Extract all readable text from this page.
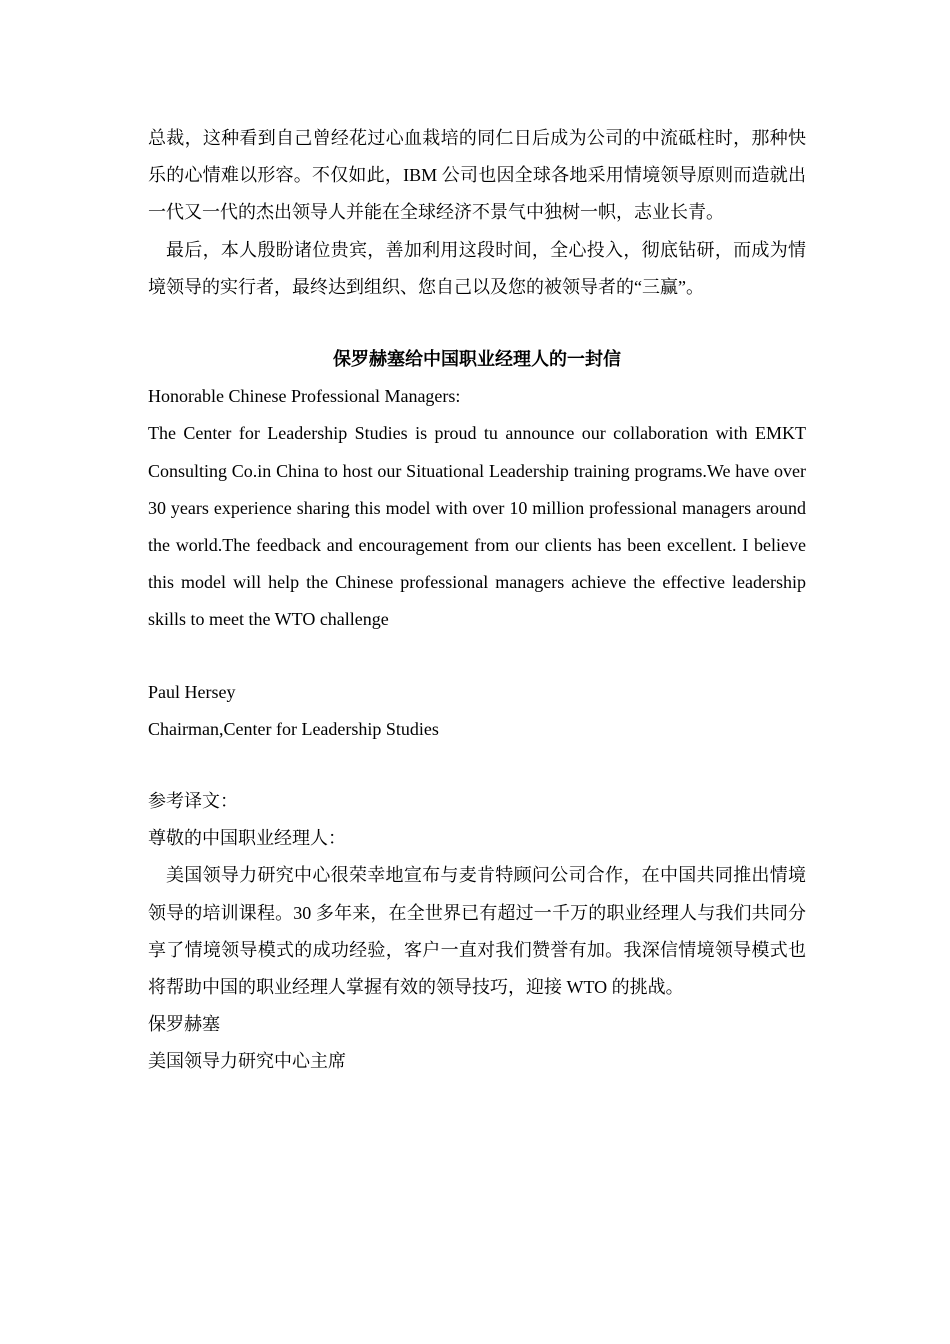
总裁，这种看到自己曾经花过心血栽培的同仁日后成为公司的中流砥柱时，那种快乐的心情难以形容。不仅如此，IBM 公司也因全球各地采用情境领导原则而造就出一代又一代的杰出领导人并能在全球经济不景气中独树一帜，志业长青。

最后，本人殷盼诸位贵宾，善加利用这段时间，全心投入，彻底钻研，而成为情境领导的实行者，最终达到组织、您自己以及您的被领导者的“三赢”。

保罗赫塞给中国职业经理人的一封信

Honorable Chinese Professional Managers:

The Center for Leadership Studies is proud tu announce our collaboration with EMKT Consulting Co.in China to host our Situational Leadership training programs.We have over 30 years experience sharing this model with over 10 million professional managers around the world.The feedback and encouragement from our clients has been excellent. I believe this model will help the Chinese professional managers achieve the effective leadership skills to meet the WTO challenge

Paul Hersey

Chairman,Center for Leadership Studies

参考译文：

尊敬的中国职业经理人：

美国领导力研究中心很荣幸地宣布与麦肯特顾问公司合作，在中国共同推出情境领导的培训课程。30 多年来，在全世界已有超过一千万的职业经理人与我们共同分享了情境领导模式的成功经验，客户一直对我们赞誉有加。我深信情境领导模式也将帮助中国的职业经理人掌握有效的领导技巧，迎接 WTO 的挑战。

保罗赫塞

美国领导力研究中心主席
